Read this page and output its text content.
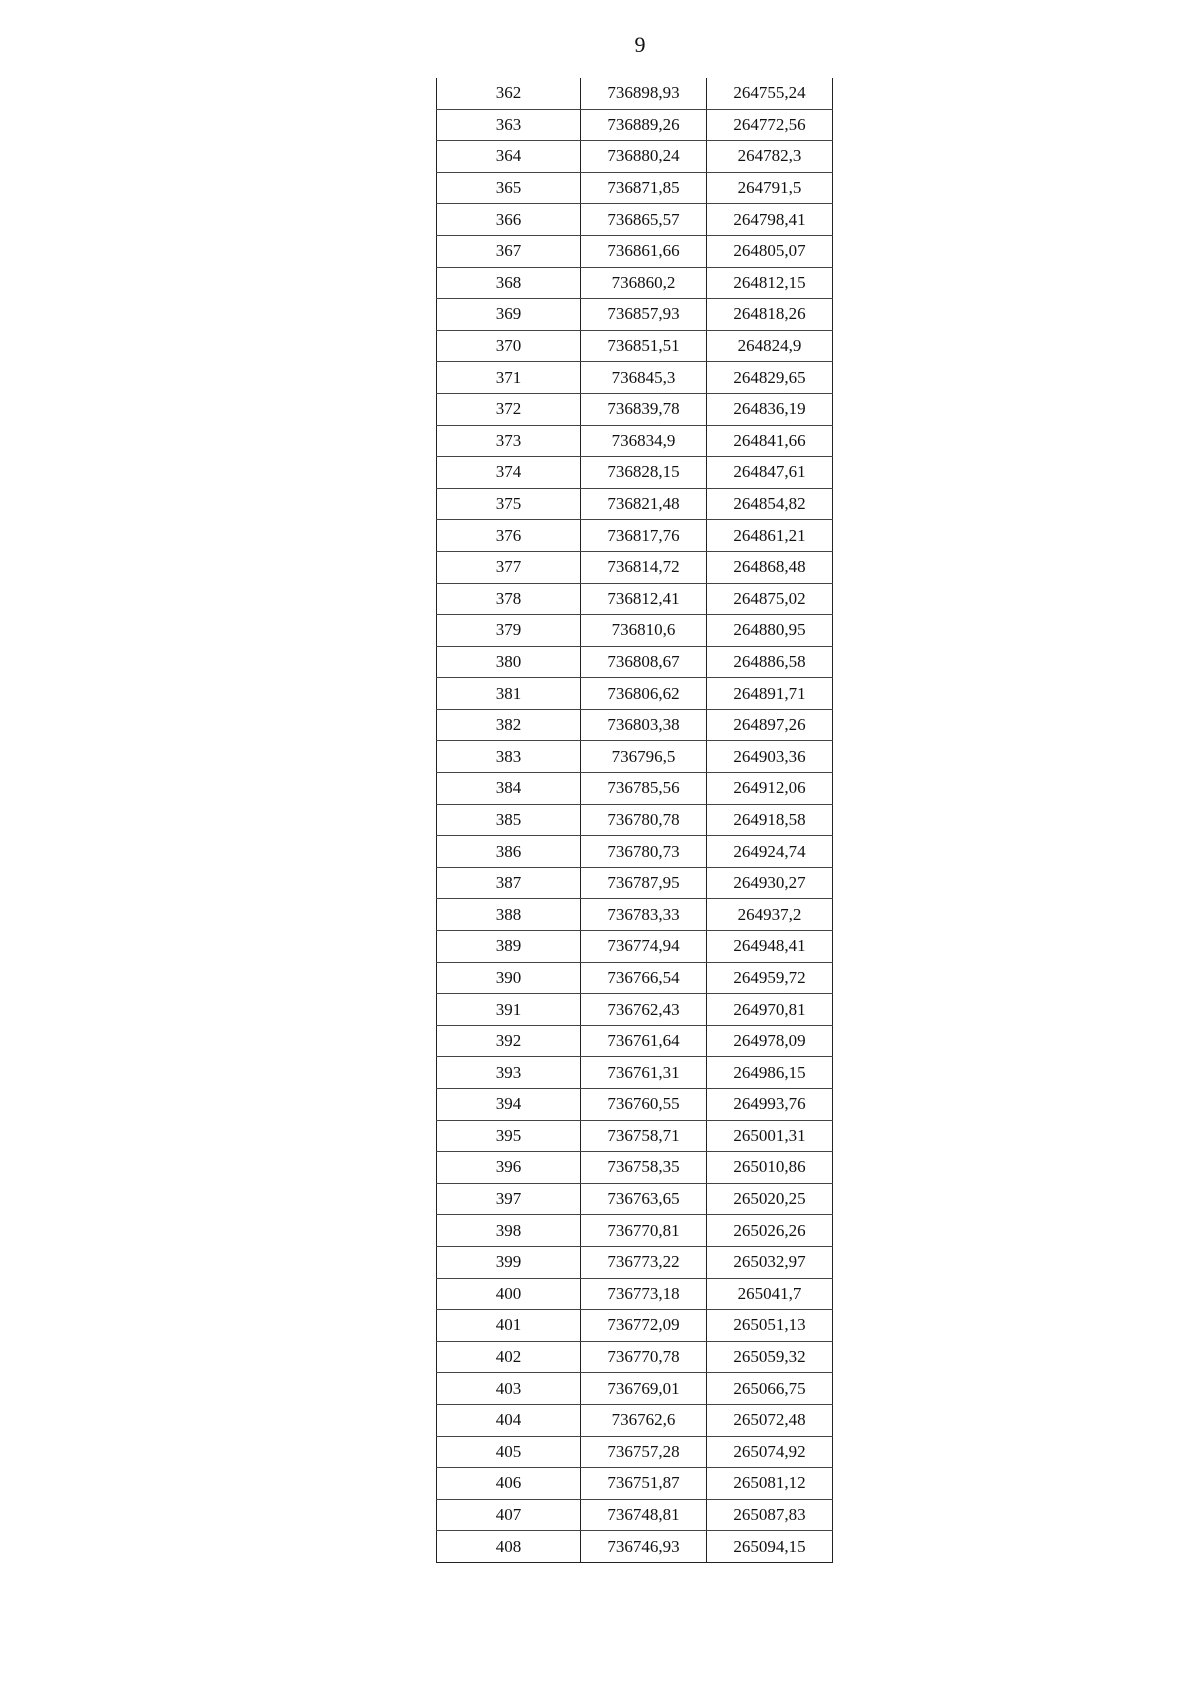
9
362	736898,93	264755,24
363	736889,26	264772,56
364	736880,24	264782,3
365	736871,85	264791,5
366	736865,57	264798,41
367	736861,66	264805,07
368	736860,2	264812,15
369	736857,93	264818,26
370	736851,51	264824,9
371	736845,3	264829,65
372	736839,78	264836,19
373	736834,9	264841,66
374	736828,15	264847,61
375	736821,48	264854,82
376	736817,76	264861,21
377	736814,72	264868,48
378	736812,41	264875,02
379	736810,6	264880,95
380	736808,67	264886,58
381	736806,62	264891,71
382	736803,38	264897,26
383	736796,5	264903,36
384	736785,56	264912,06
385	736780,78	264918,58
386	736780,73	264924,74
387	736787,95	264930,27
388	736783,33	264937,2
389	736774,94	264948,41
390	736766,54	264959,72
391	736762,43	264970,81
392	736761,64	264978,09
393	736761,31	264986,15
394	736760,55	264993,76
395	736758,71	265001,31
396	736758,35	265010,86
397	736763,65	265020,25
398	736770,81	265026,26
399	736773,22	265032,97
400	736773,18	265041,7
401	736772,09	265051,13
402	736770,78	265059,32
403	736769,01	265066,75
404	736762,6	265072,48
405	736757,28	265074,92
406	736751,87	265081,12
407	736748,81	265087,83
408	736746,93	265094,15
